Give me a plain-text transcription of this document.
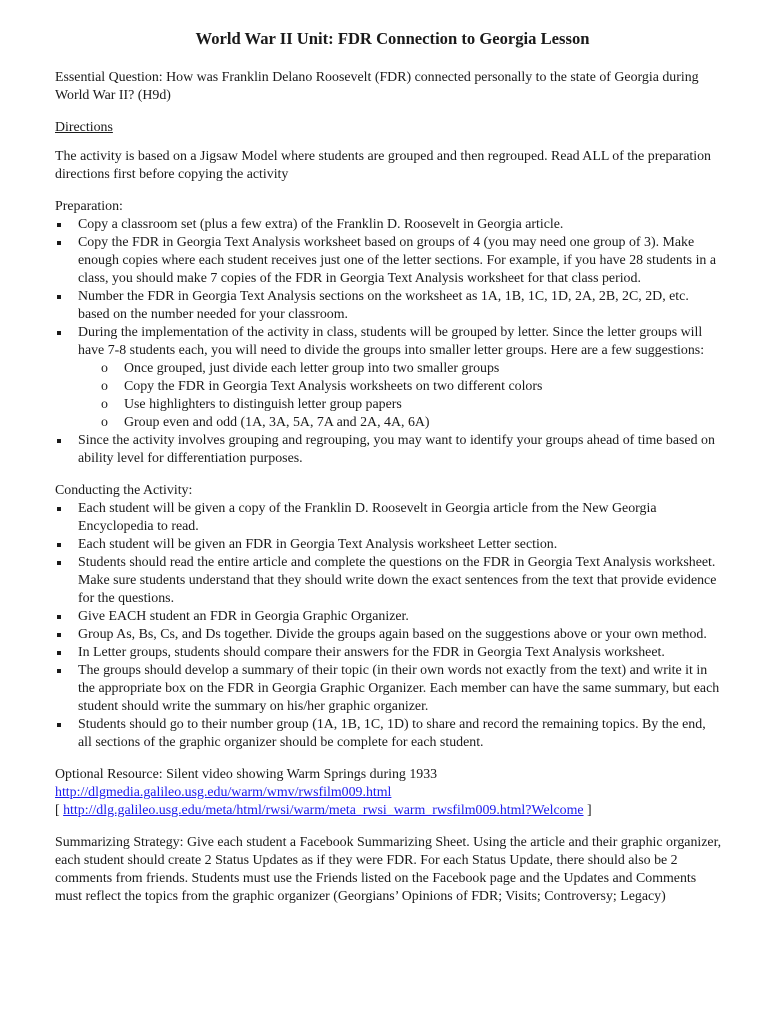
World War II Unit: FDR Connection to Georgia Lesson

Essential Question: How was Franklin Delano Roosevelt (FDR) connected personally to the state of Georgia during World War II? (H9d)

Directions

The activity is based on a Jigsaw Model where students are grouped and then regrouped. Read ALL of the preparation directions first before copying the activity

Preparation:

Copy a classroom set (plus a few extra) of the Franklin D. Roosevelt in Georgia article.
Copy the FDR in Georgia Text Analysis worksheet based on groups of 4 (you may need one group of 3). Make enough copies where each student receives just one of the letter sections. For example, if you have 28 students in a class, you should make 7 copies of the FDR in Georgia Text Analysis worksheet for that class period.
Number the FDR in Georgia Text Analysis sections on the worksheet as 1A, 1B, 1C, 1D, 2A, 2B, 2C, 2D, etc. based on the number needed for your classroom.
During the implementation of the activity in class, students will be grouped by letter. Since the letter groups will have 7-8 students each, you will need to divide the groups into smaller letter groups. Here are a few suggestions:
o Once grouped, just divide each letter group into two smaller groups
o Copy the FDR in Georgia Text Analysis worksheets on two different colors
o Use highlighters to distinguish letter group papers
o Group even and odd (1A, 3A, 5A, 7A and 2A, 4A, 6A)
Since the activity involves grouping and regrouping, you may want to identify your groups ahead of time based on ability level for differentiation purposes.

Conducting the Activity:

Each student will be given a copy of the Franklin D. Roosevelt in Georgia article from the New Georgia Encyclopedia to read.
Each student will be given an FDR in Georgia Text Analysis worksheet Letter section.
Students should read the entire article and complete the questions on the FDR in Georgia Text Analysis worksheet. Make sure students understand that they should write down the exact sentences from the text that provide evidence for the questions.
Give EACH student an FDR in Georgia Graphic Organizer.
Group As, Bs, Cs, and Ds together. Divide the groups again based on the suggestions above or your own method.
In Letter groups, students should compare their answers for the FDR in Georgia Text Analysis worksheet.
The groups should develop a summary of their topic (in their own words not exactly from the text) and write it in the appropriate box on the FDR in Georgia Graphic Organizer. Each member can have the same summary, but each student should write the summary on his/her graphic organizer.
Students should go to their number group (1A, 1B, 1C, 1D) to share and record the remaining topics. By the end, all sections of the graphic organizer should be complete for each student.

Optional Resource: Silent video showing Warm Springs during 1933

http://dlgmedia.galileo.usg.edu/warm/wmv/rwsfilm009.html

[ http://dlg.galileo.usg.edu/meta/html/rwsi/warm/meta_rwsi_warm_rwsfilm009.html?Welcome ]

Summarizing Strategy: Give each student a Facebook Summarizing Sheet. Using the article and their graphic organizer, each student should create 2 Status Updates as if they were FDR. For each Status Update, there should also be 2 comments from friends. Students must use the Friends listed on the Facebook page and the Updates and Comments must reflect the topics from the graphic organizer (Georgians’ Opinions of FDR; Visits; Controversy; Legacy)
